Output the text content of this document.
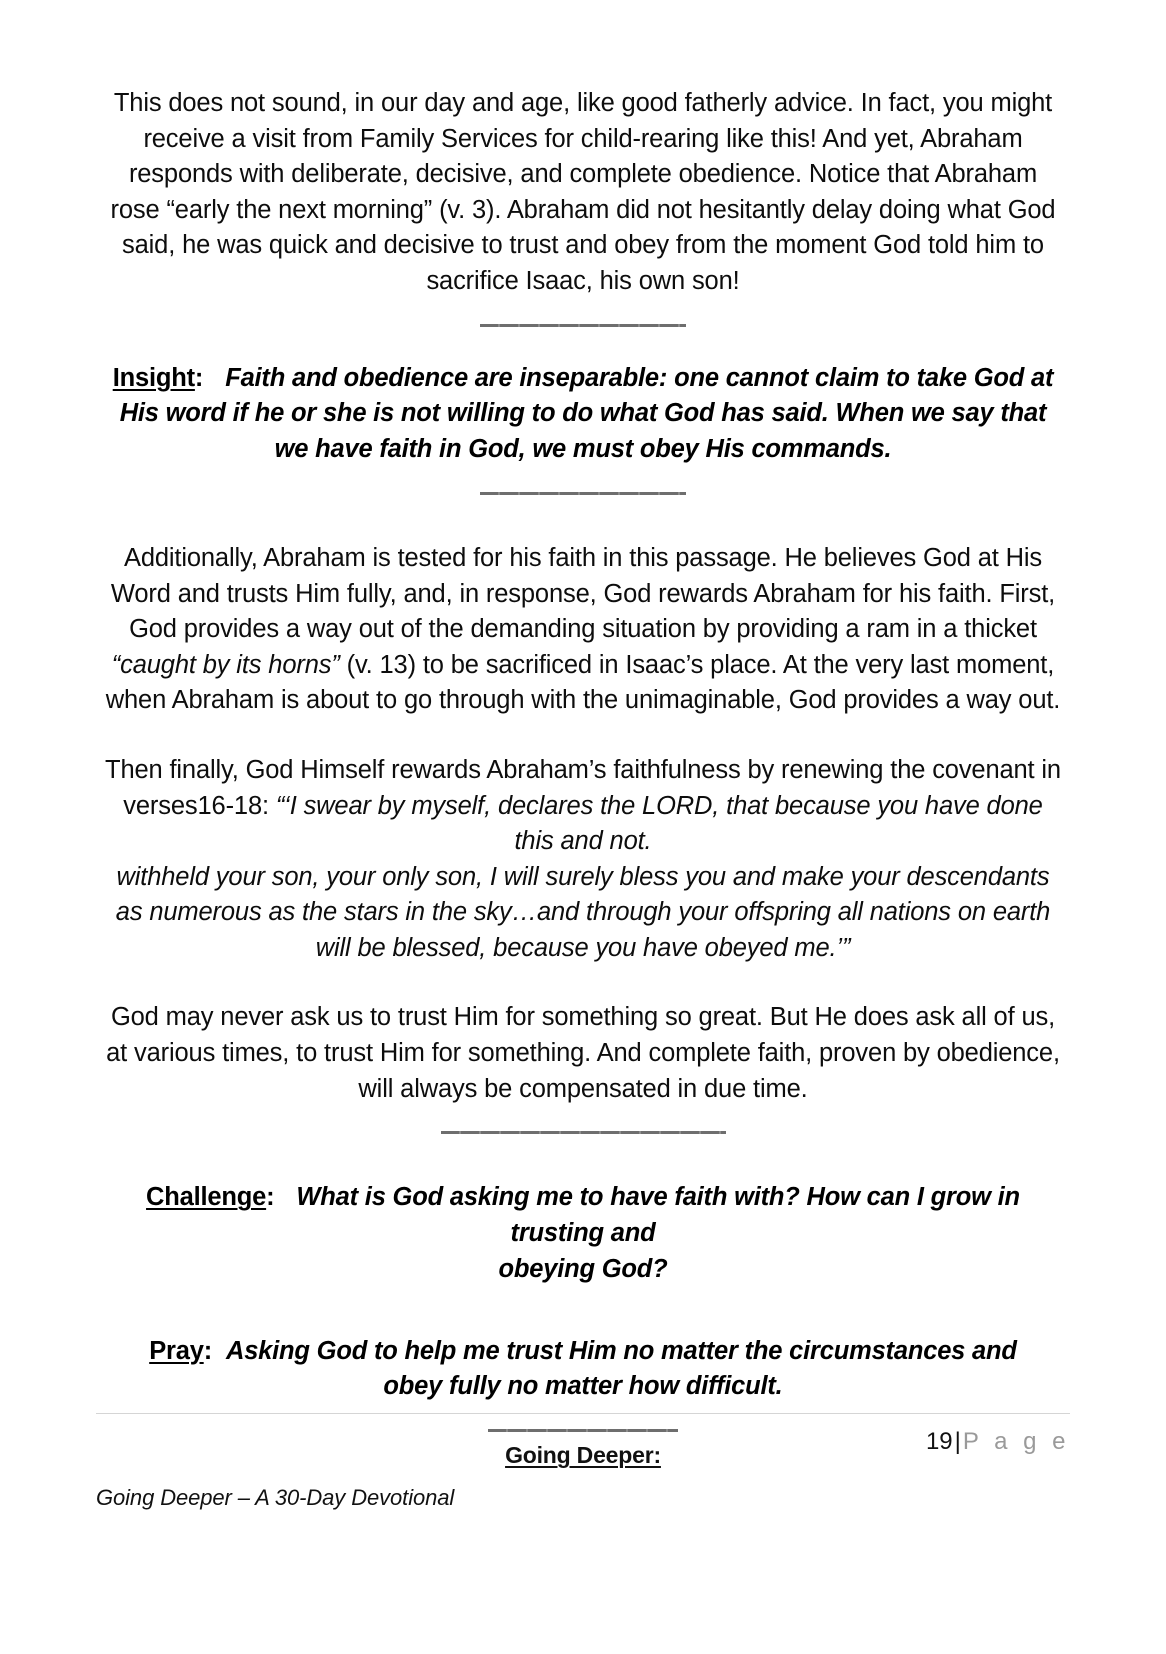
This does not sound, in our day and age, like good fatherly advice. In fact, you might receive a visit from Family Services for child-rearing like this! And yet, Abraham responds with deliberate, decisive, and complete obedience. Notice that Abraham rose “early the next morning” (v. 3). Abraham did not hesitantly delay doing what God said, he was quick and decisive to trust and obey from the moment God told him to sacrifice Isaac, his own son!

Insight: Faith and obedience are inseparable: one cannot claim to take God at His word if he or she is not willing to do what God has said. When we say that we have faith in God, we must obey His commands.

Additionally, Abraham is tested for his faith in this passage. He believes God at His Word and trusts Him fully, and, in response, God rewards Abraham for his faith. First, God provides a way out of the demanding situation by providing a ram in a thicket “caught by its horns” (v. 13) to be sacrificed in Isaac’s place. At the very last moment, when Abraham is about to go through with the unimaginable, God provides a way out.

Then finally, God Himself rewards Abraham’s faithfulness by renewing the covenant in verses16-18: “‘I swear by myself, declares the LORD, that because you have done this and not.

withheld your son, your only son, I will surely bless you and make your descendants as numerous as the stars in the sky…and through your offspring all nations on earth will be blessed, because you have obeyed me.’”

God may never ask us to trust Him for something so great. But He does ask all of us, at various times, to trust Him for something. And complete faith, proven by obedience, will always be compensated in due time.

Challenge: What is God asking me to have faith with? How can I grow in
trusting and
obeying God?
Pray: Asking God to help me trust Him no matter the circumstances and
obey fully no matter how difficult.

Going Deeper:

19|P a g e
Going Deeper – A 30-Day Devotional
